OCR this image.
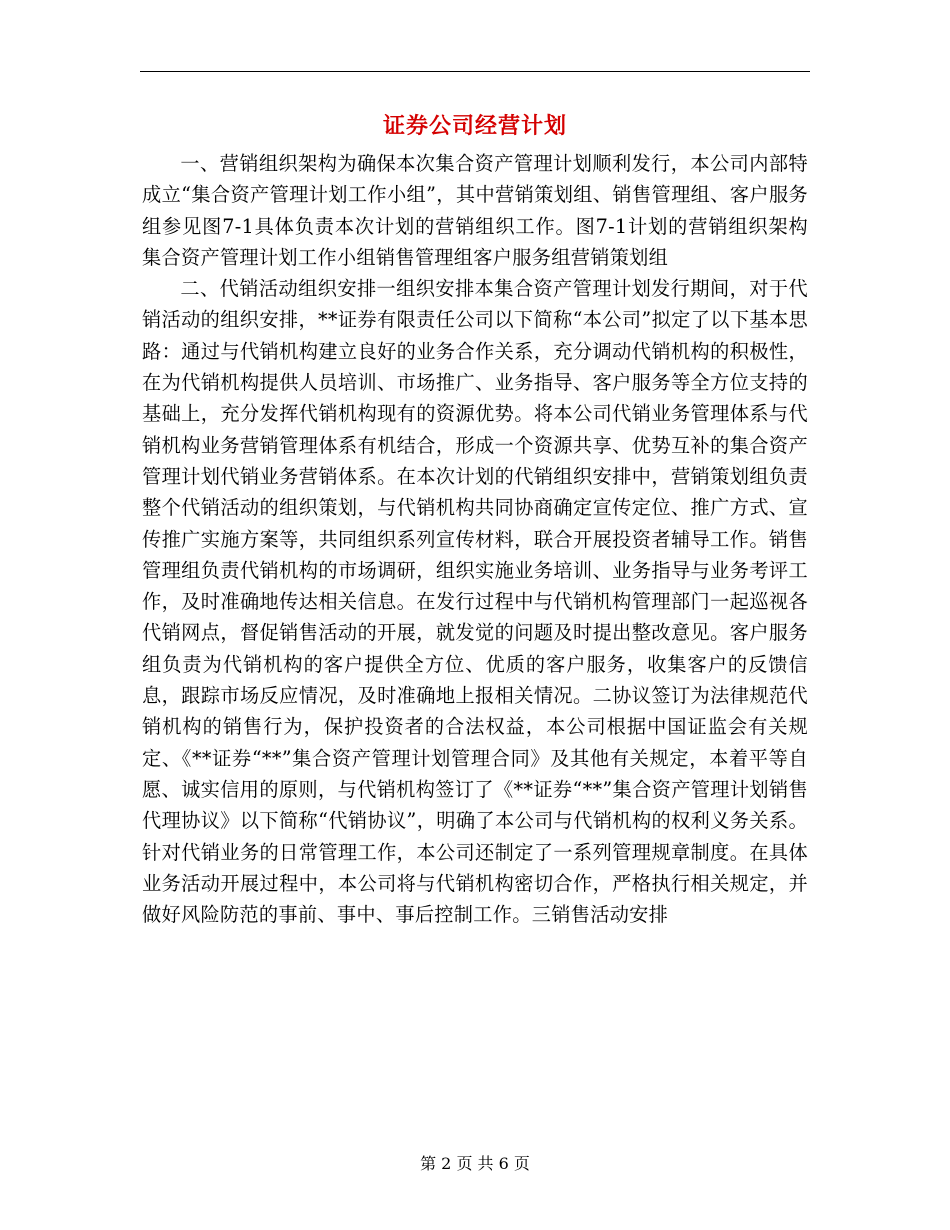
证券公司经营计划

一、营销组织架构为确保本次集合资产管理计划顺利发行，本公司内部特成立“集合资产管理计划工作小组”，其中营销策划组、销售管理组、客户服务组参见图7-1具体负责本次计划的营销组织工作。图7-1计划的营销组织架构集合资产管理计划工作小组销售管理组客户服务组营销策划组

二、代销活动组织安排一组织安排本集合资产管理计划发行期间，对于代销活动的组织安排，**证券有限责任公司以下简称“本公司”拟定了以下基本思路：通过与代销机构建立良好的业务合作关系，充分调动代销机构的积极性，在为代销机构提供人员培训、市场推广、业务指导、客户服务等全方位支持的基础上，充分发挥代销机构现有的资源优势。将本公司代销业务管理体系与代销机构业务营销管理体系有机结合，形成一个资源共享、优势互补的集合资产管理计划代销业务营销体系。在本次计划的代销组织安排中，营销策划组负责整个代销活动的组织策划，与代销机构共同协商确定宣传定位、推广方式、宣传推广实施方案等，共同组织系列宣传材料，联合开展投资者辅导工作。销售管理组负责代销机构的市场调研，组织实施业务培训、业务指导与业务考评工作，及时准确地传达相关信息。在发行过程中与代销机构管理部门一起巡视各代销网点，督促销售活动的开展，就发觉的问题及时提出整改意见。客户服务组负责为代销机构的客户提供全方位、优质的客户服务，收集客户的反馈信息，跟踪市场反应情况，及时准确地上报相关情况。二协议签订为法律规范代销机构的销售行为，保护投资者的合法权益，本公司根据中国证监会有关规定、《**证券“**”集合资产管理计划管理合同》及其他有关规定，本着平等自愿、诚实信用的原则，与代销机构签订了《**证券“**”集合资产管理计划销售代理协议》以下简称“代销协议”，明确了本公司与代销机构的权利义务关系。针对代销业务的日常管理工作，本公司还制定了一系列管理规章制度。在具体业务活动开展过程中，本公司将与代销机构密切合作，严格执行相关规定，并做好风险防范的事前、事中、事后控制工作。三销售活动安排

第 2 页 共 6 页
